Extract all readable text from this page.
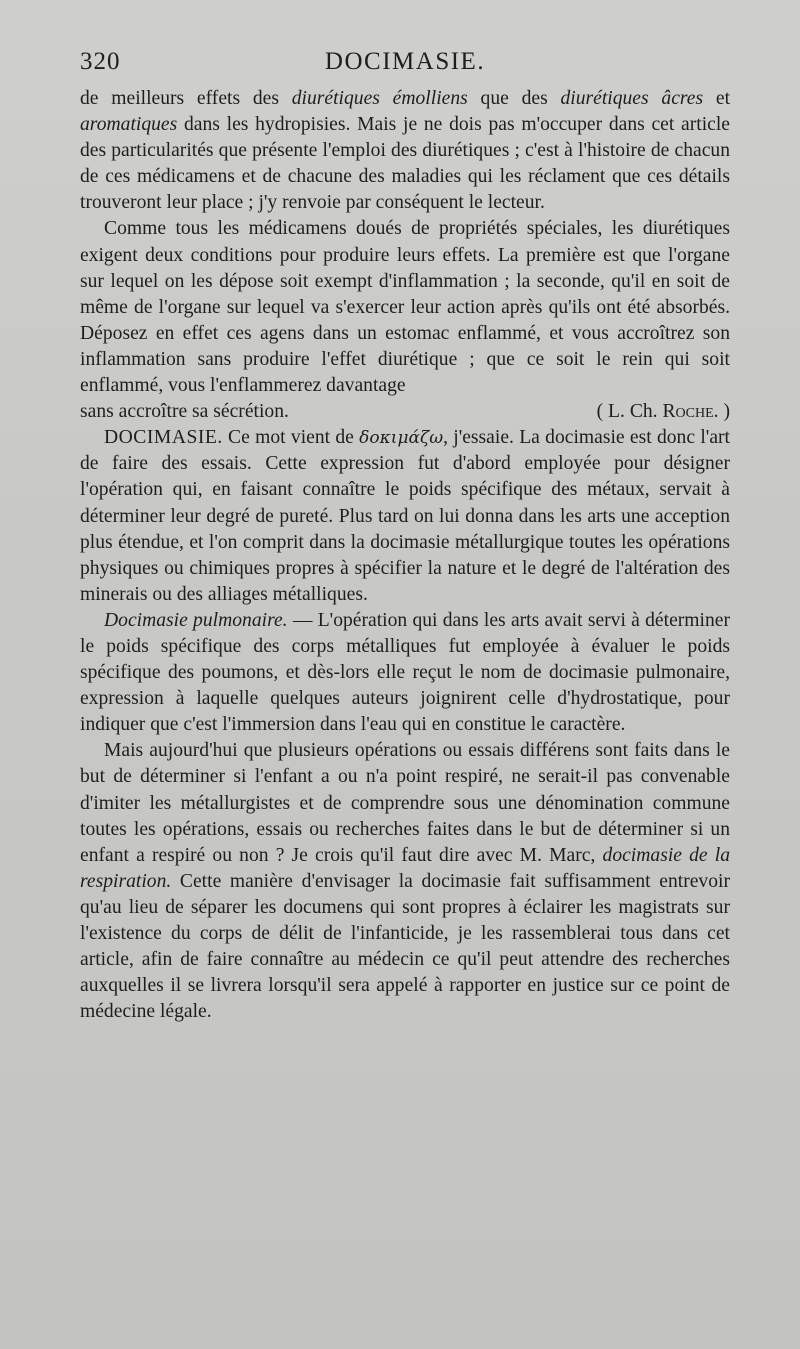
320	DOCIMASIE.

de meilleurs effets des diurétiques émolliens que des diurétiques âcres et aromatiques dans les hydropisies. Mais je ne dois pas m'occuper dans cet article des particularités que présente l'emploi des diurétiques ; c'est à l'histoire de chacun de ces médicamens et de chacune des maladies qui les réclament que ces détails trouveront leur place ; j'y renvoie par conséquent le lecteur.

Comme tous les médicamens doués de propriétés spéciales, les diurétiques exigent deux conditions pour produire leurs effets. La première est que l'organe sur lequel on les dépose soit exempt d'inflammation ; la seconde, qu'il en soit de même de l'organe sur lequel va s'exercer leur action après qu'ils ont été absorbés. Déposez en effet ces agens dans un estomac enflammé, et vous accroîtrez son inflammation sans produire l'effet diurétique ; que ce soit le rein qui soit enflammé, vous l'enflammerez davantage

sans accroître sa sécrétion.	( L. Ch. Roche. )

DOCIMASIE. Ce mot vient de δοκιμάζω, j'essaie. La docimasie est donc l'art de faire des essais. Cette expression fut d'abord employée pour désigner l'opération qui, en faisant connaître le poids spécifique des métaux, servait à déterminer leur degré de pureté. Plus tard on lui donna dans les arts une acception plus étendue, et l'on comprit dans la docimasie métallurgique toutes les opérations physiques ou chimiques propres à spécifier la nature et le degré de l'altération des minerais ou des alliages métalliques.

Docimasie pulmonaire. — L'opération qui dans les arts avait servi à déterminer le poids spécifique des corps métalliques fut employée à évaluer le poids spécifique des poumons, et dès-lors elle reçut le nom de docimasie pulmonaire, expression à laquelle quelques auteurs joignirent celle d'hydrostatique, pour indiquer que c'est l'immersion dans l'eau qui en constitue le caractère.

Mais aujourd'hui que plusieurs opérations ou essais différens sont faits dans le but de déterminer si l'enfant a ou n'a point respiré, ne serait-il pas convenable d'imiter les métallurgistes et de comprendre sous une dénomination commune toutes les opérations, essais ou recherches faites dans le but de déterminer si un enfant a respiré ou non ? Je crois qu'il faut dire avec M. Marc, docimasie de la respiration. Cette manière d'envisager la docimasie fait suffisamment entrevoir qu'au lieu de séparer les documens qui sont propres à éclairer les magistrats sur l'existence du corps de délit de l'infanticide, je les rassemblerai tous dans cet article, afin de faire connaître au médecin ce qu'il peut attendre des recherches auxquelles il se livrera lorsqu'il sera appelé à rapporter en justice sur ce point de médecine légale.
